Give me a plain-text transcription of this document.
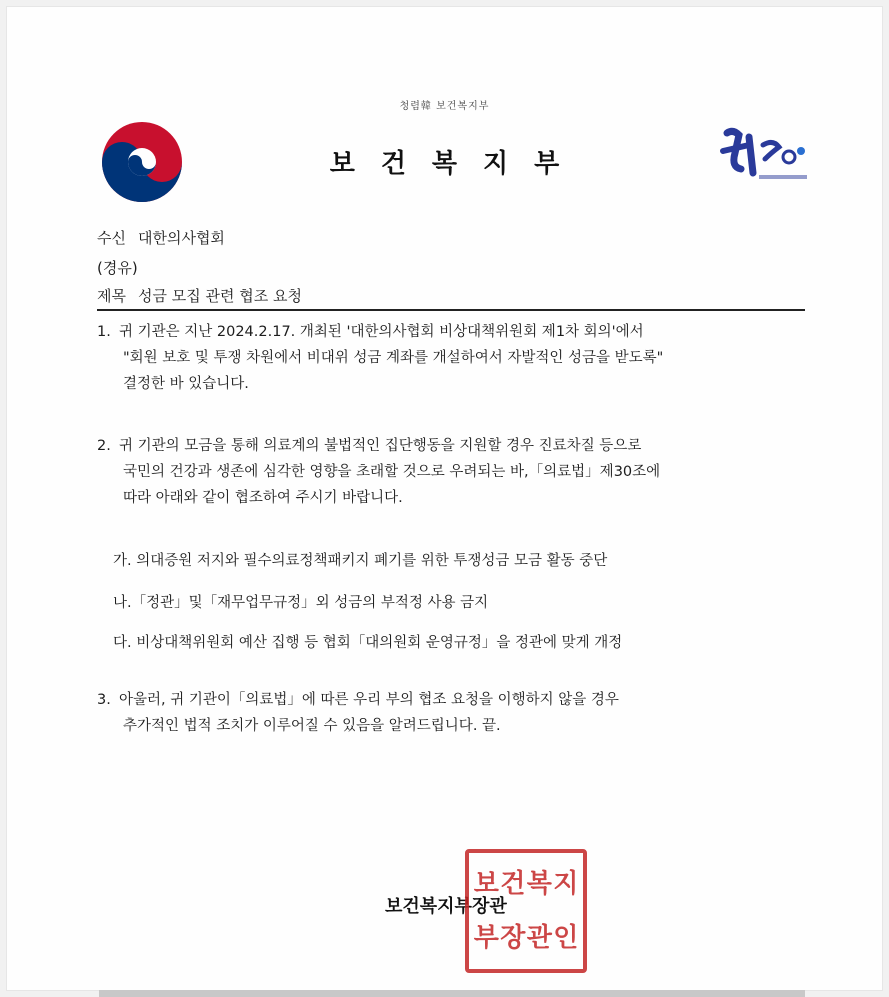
청렴韓 보건복지부
보건복지부
수신 대한의사협회
(경유)
제목 성금 모집 관련 협조 요청
1. 귀 기관은 지난 2024.2.17. 개최된 '대한의사협회 비상대책위원회 제1차 회의'에서
"회원 보호 및 투쟁 차원에서 비대위 성금 계좌를 개설하여서 자발적인 성금을 받도록"
결정한 바 있습니다.
2. 귀 기관의 모금을 통해 의료계의 불법적인 집단행동을 지원할 경우 진료차질 등으로
국민의 건강과 생존에 심각한 영향을 초래할 것으로 우려되는 바,「의료법」제30조에
따라 아래와 같이 협조하여 주시기 바랍니다.
가. 의대증원 저지와 필수의료정책패키지 폐기를 위한 투쟁성금 모금 활동 중단
나.「정관」및「재무업무규정」외 성금의 부적정 사용 금지
다. 비상대책위원회 예산 집행 등 협회「대의원회 운영규정」을 정관에 맞게 개정
3. 아울러, 귀 기관이「의료법」에 따른 우리 부의 협조 요청을 이행하지 않을 경우
추가적인 법적 조치가 이루어질 수 있음을 알려드립니다. 끝.
보건복지부장관
보 건 복 지
부 장 관 인
